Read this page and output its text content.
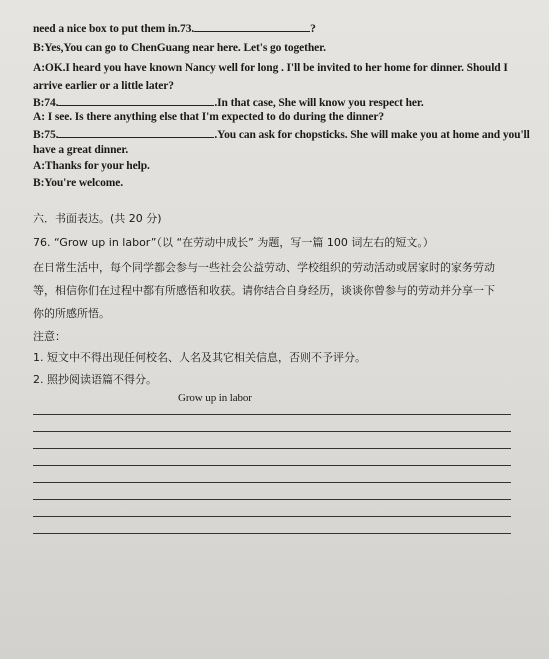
need a nice box to put them in.73.	?
B:Yes,You can go to ChenGuang near here. Let's go together.
A:OK.I heard you have known Nancy well for long . I'll be invited to her home for dinner. Should I
arrive earlier or a little later?
B:74.	.In that case, She will know you respect her.
A: I see. Is there anything else that I'm expected to do during the dinner?
B:75.	.You can ask for chopsticks. She will make you at home and you'll
have a great dinner.
A:Thanks for your help.
B:You're welcome.
六．书面表达。(共 20 分)
76. “Grow up in labor”（以 “在劳动中成长” 为题，写一篇 100 词左右的短文。）
在日常生活中，每个同学都会参与一些社会公益劳动、学校组织的劳动活动或居家时的家务劳动
等，相信你们在过程中都有所感悟和收获。请你结合自身经历，谈谈你曾参与的劳动并分享一下
你的所感所悟。
注意：
1. 短文中不得出现任何校名、人名及其它相关信息，否则不予评分。
2. 照抄阅读语篇不得分。
Grow up in labor
